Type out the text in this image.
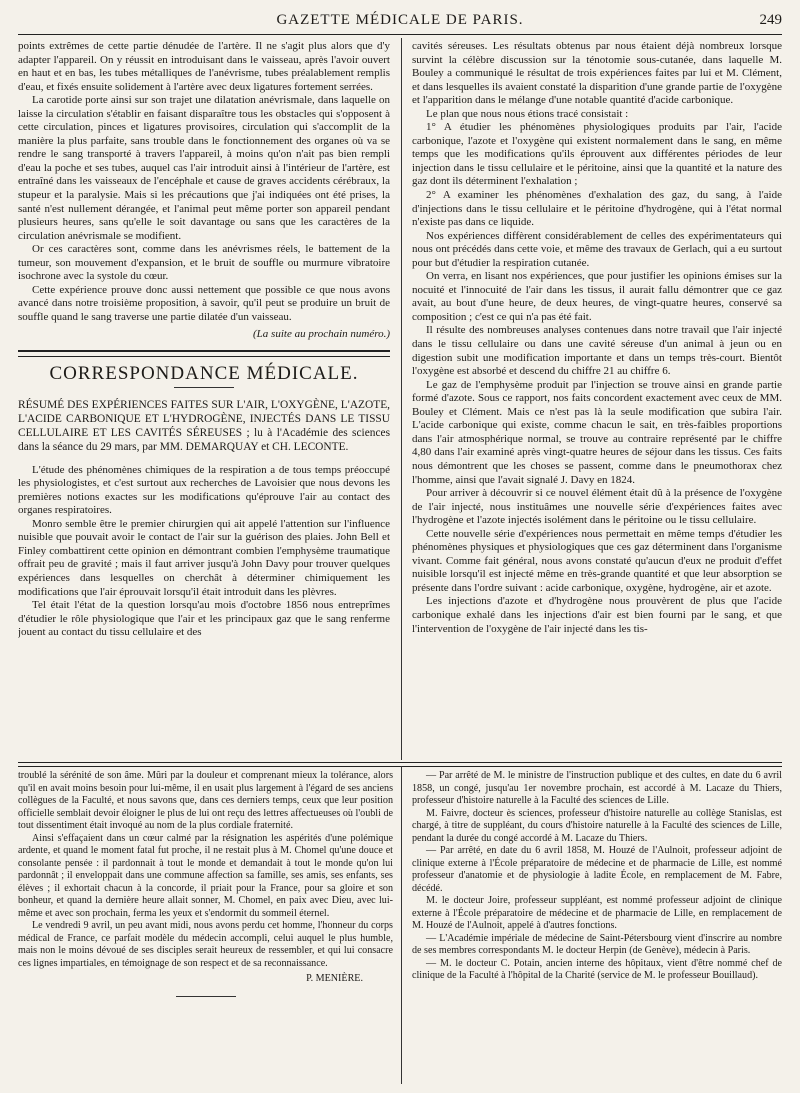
GAZETTE MÉDICALE DE PARIS.	249

points extrêmes de cette partie dénudée de l'artère. Il ne s'agit plus alors que d'y adapter l'appareil. On y réussit en introduisant dans le vaisseau, après l'avoir ouvert en haut et en bas, les tubes métalliques de l'anévrisme, tubes préalablement remplis d'eau, et fixés ensuite solidement à l'artère avec deux ligatures fortement serrées.

La carotide porte ainsi sur son trajet une dilatation anévrismale, dans laquelle on laisse la circulation s'établir en faisant disparaître tous les obstacles qui s'opposent à cette circulation, pinces et ligatures provisoires, circulation qui s'accomplit de la manière la plus parfaite, sans trouble dans le fonctionnement des organes où va se rendre le sang transporté à travers l'appareil, à moins qu'on n'ait pas bien rempli d'eau la poche et ses tubes, auquel cas l'air introduit ainsi à l'intérieur de l'artère, est entraîné dans les vaisseaux de l'encéphale et cause de graves accidents cérébraux, la stupeur et la paralysie. Mais si les précautions que j'ai indiquées ont été prises, la santé n'est nullement dérangée, et l'animal peut même porter son appareil pendant plusieurs heures, sans qu'elle le soit davantage ou sans que les caractères de la circulation anévrismale se modifient.

Or ces caractères sont, comme dans les anévrismes réels, le battement de la tumeur, son mouvement d'expansion, et le bruit de souffle ou murmure vibratoire isochrone avec la systole du cœur.

Cette expérience prouve donc aussi nettement que possible ce que nous avons avancé dans notre troisième proposition, à savoir, qu'il peut se produire un bruit de souffle quand le sang traverse une partie dilatée d'un vaisseau.

(La suite au prochain numéro.)
CORRESPONDANCE MÉDICALE.
RÉSUMÉ DES EXPÉRIENCES FAITES SUR L'AIR, L'OXYGÈNE, L'AZOTE, L'ACIDE CARBONIQUE ET L'HYDROGÈNE, INJECTÉS DANS LE TISSU CELLULAIRE ET LES CAVITÉS SÉREUSES ; lu à l'Académie des sciences dans la séance du 29 mars, par MM. DEMARQUAY et CH. LECONTE.

L'étude des phénomènes chimiques de la respiration a de tous temps préoccupé les physiologistes, et c'est surtout aux recherches de Lavoisier que nous devons les premières notions exactes sur les modifications qu'éprouve l'air au contact des organes respiratoires.

Monro semble être le premier chirurgien qui ait appelé l'attention sur l'influence nuisible que pouvait avoir le contact de l'air sur la guérison des plaies. John Bell et Finley combattirent cette opinion en démontrant combien l'emphysème traumatique offrait peu de gravité ; mais il faut arriver jusqu'à John Davy pour trouver quelques expériences dans lesquelles on cherchât à déterminer chimiquement les modifications que l'air éprouvait lorsqu'il était introduit dans les plèvres.

Tel était l'état de la question lorsqu'au mois d'octobre 1856 nous entreprîmes d'étudier le rôle physiologique que l'air et les principaux gaz que le sang renferme jouent au contact du tissu cellulaire et des

cavités séreuses. Les résultats obtenus par nous étaient déjà nombreux lorsque survint la célèbre discussion sur la ténotomie sous-cutanée, dans laquelle M. Bouley a communiqué le résultat de trois expériences faites par lui et M. Clément, et dans lesquelles ils avaient constaté la disparition d'une grande partie de l'oxygène et l'apparition dans le mélange d'une notable quantité d'acide carbonique.

Le plan que nous nous étions tracé consistait :

1° A étudier les phénomènes physiologiques produits par l'air, l'acide carbonique, l'azote et l'oxygène qui existent normalement dans le sang, en même temps que les modifications qu'ils éprouvent aux différentes périodes de leur injection dans le tissu cellulaire et le péritoine, ainsi que la quantité et la nature des gaz dont ils déterminent l'exhalation ;

2° A examiner les phénomènes d'exhalation des gaz, du sang, à l'aide d'injections dans le tissu cellulaire et le péritoine d'hydrogène, qui à l'état normal n'existe pas dans ce liquide.

Nos expériences diffèrent considérablement de celles des expérimentateurs qui nous ont précédés dans cette voie, et même des travaux de Gerlach, qui a eu surtout pour but d'étudier la respiration cutanée.

On verra, en lisant nos expériences, que pour justifier les opinions émises sur la nocuité et l'innocuité de l'air dans les tissus, il aurait fallu démontrer que ce gaz avait, au bout d'une heure, de deux heures, de vingt-quatre heures, conservé sa composition ; c'est ce qui n'a pas été fait.

Il résulte des nombreuses analyses contenues dans notre travail que l'air injecté dans le tissu cellulaire ou dans une cavité séreuse d'un animal à jeun ou en digestion subit une modification importante et dans un temps très-court. Bientôt l'oxygène est absorbé et descend du chiffre 21 au chiffre 6.

Le gaz de l'emphysème produit par l'injection se trouve ainsi en grande partie formé d'azote. Sous ce rapport, nos faits concordent exactement avec ceux de MM. Bouley et Clément. Mais ce n'est pas là la seule modification que subira l'air. L'acide carbonique qui existe, comme chacun le sait, en très-faibles proportions dans l'air atmosphérique normal, se trouve au contraire représenté par le chiffre 4,80 dans l'air examiné après vingt-quatre heures de séjour dans les tissus. Ces faits nous démontrent que les choses se passent, comme dans le pneumothorax chez l'homme, ainsi que l'avait signalé J. Davy en 1824.

Pour arriver à découvrir si ce nouvel élément était dû à la présence de l'oxygène de l'air injecté, nous instituâmes une nouvelle série d'expériences faites avec l'hydrogène et l'azote injectés isolément dans le péritoine ou le tissu cellulaire.

Cette nouvelle série d'expériences nous permettait en même temps d'étudier les phénomènes physiques et physiologiques que ces gaz déterminent dans l'organisme vivant. Comme fait général, nous avons constaté qu'aucun d'eux ne produit d'effet nuisible lorsqu'il est injecté même en très-grande quantité et que leur absorption se présente dans l'ordre suivant : acide carbonique, oxygène, hydrogène, air et azote.

Les injections d'azote et d'hydrogène nous prouvèrent de plus que l'acide carbonique exhalé dans les injections d'air est bien fourni par le sang, et que l'intervention de l'oxygène de l'air injecté dans les tis-

troublé la sérénité de son âme. Mûri par la douleur et comprenant mieux la tolérance, alors qu'il en avait moins besoin pour lui-même, il en usait plus largement à l'égard de ses anciens collègues de la Faculté, et nous savons que, dans ces derniers temps, ceux que leur position officielle semblait devoir éloigner le plus de lui ont reçu des lettres affectueuses où l'oubli de tout dissentiment était invoqué au nom de la plus cordiale fraternité.

Ainsi s'effaçaient dans un cœur calmé par la résignation les aspérités d'une polémique ardente, et quand le moment fatal fut proche, il ne restait plus à M. Chomel qu'une douce et consolante pensée : il pardonnait à tout le monde et demandait à tout le monde qu'on lui pardonnât ; il enveloppait dans une commune affection sa famille, ses amis, ses enfants, ses élèves ; il exhortait chacun à la concorde, il priait pour la France, pour sa gloire et son bonheur, et quand la dernière heure allait sonner, M. Chomel, en paix avec Dieu, avec lui-même et avec son prochain, ferma les yeux et s'endormit du sommeil éternel.

Le vendredi 9 avril, un peu avant midi, nous avons perdu cet homme, l'honneur du corps médical de France, ce parfait modèle du médecin accompli, celui auquel le plus humble, mais non le moins dévoué de ses disciples serait heureux de ressembler, et qui lui consacre ces lignes impartiales, en témoignage de son respect et de sa reconnaissance.

P. MENIÈRE.

— Par arrêté de M. le ministre de l'instruction publique et des cultes, en date du 6 avril 1858, un congé, jusqu'au 1er novembre prochain, est accordé à M. Lacaze du Thiers, professeur d'histoire naturelle à la Faculté des sciences de Lille.

M. Faivre, docteur ès sciences, professeur d'histoire naturelle au collège Stanislas, est chargé, à titre de suppléant, du cours d'histoire naturelle à la Faculté des sciences de Lille, pendant la durée du congé accordé à M. Lacaze du Thiers.

— Par arrêté, en date du 6 avril 1858, M. Houzé de l'Aulnoit, professeur adjoint de clinique externe à l'École préparatoire de médecine et de pharmacie de Lille, est nommé professeur d'anatomie et de physiologie à ladite École, en remplacement de M. Fabre, décédé.

M. le docteur Joire, professeur suppléant, est nommé professeur adjoint de clinique externe à l'École préparatoire de médecine et de pharmacie de Lille, en remplacement de M. Houzé de l'Aulnoit, appelé à d'autres fonctions.

— L'Académie impériale de médecine de Saint-Pétersbourg vient d'inscrire au nombre de ses membres correspondants M. le docteur Herpin (de Genève), médecin à Paris.

— M. le docteur C. Potain, ancien interne des hôpitaux, vient d'être nommé chef de clinique de la Faculté à l'hôpital de la Charité (service de M. le professeur Bouillaud).
